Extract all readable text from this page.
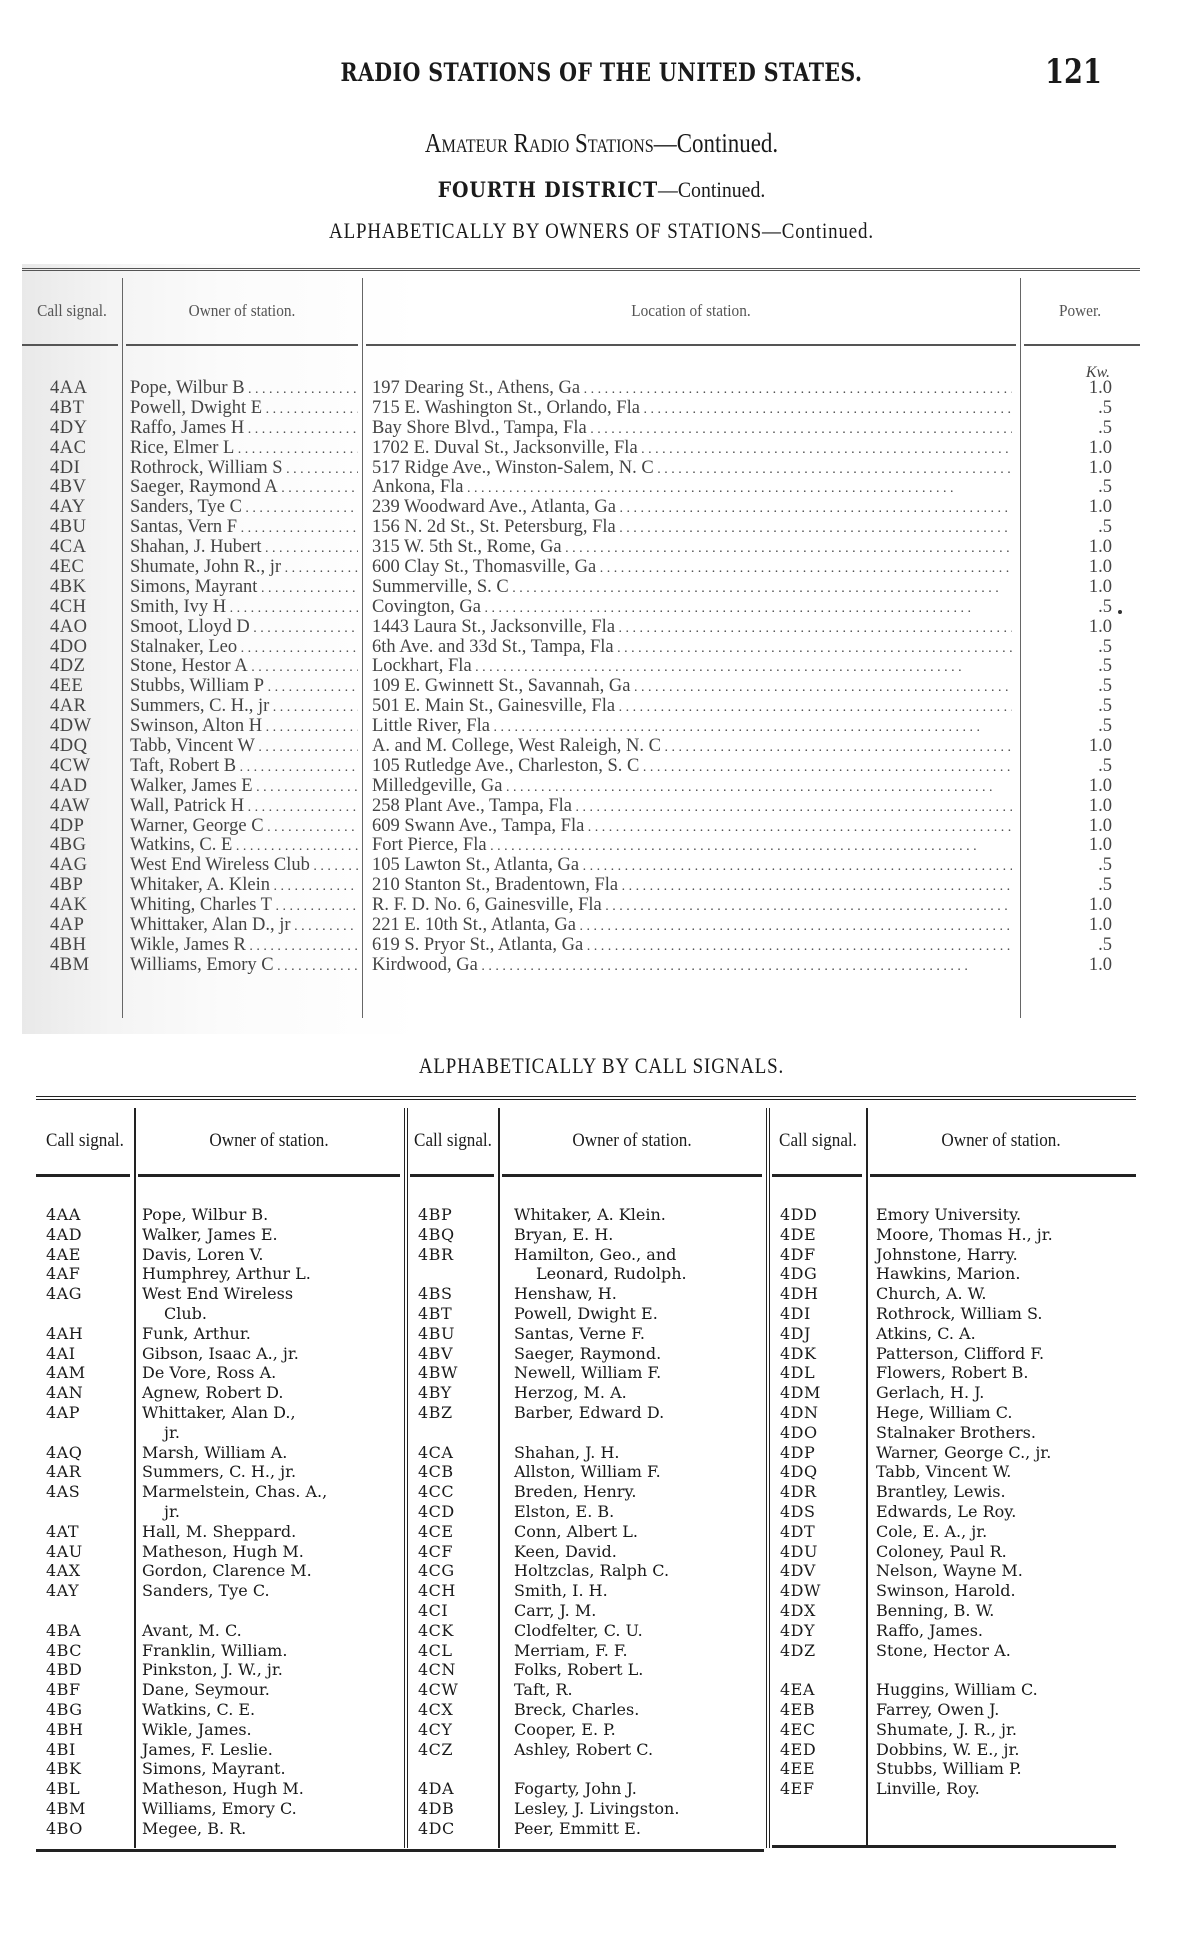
RADIO STATIONS OF THE UNITED STATES.	121
Amateur Radio Stations—Continued.
FOURTH DISTRICT—Continued.
ALPHABETICALLY BY OWNERS OF STATIONS—Continued.
Call signal.	Owner of station.	Location of station.	Power.
Kw.
4AA	Pope, Wilbur B . . .	197 Dearing St., Athens, Ga . . .	1.0
4BT	Powell, Dwight E . . .	715 E. Washington St., Orlando, Fla . . .	.5
4DY	Raffo, James H . . .	Bay Shore Blvd., Tampa, Fla . . .	.5
4AC	Rice, Elmer L . . .	1702 E. Duval St., Jacksonville, Fla . . .	1.0
4DI	Rothrock, William S . . .	517 Ridge Ave., Winston-Salem, N. C . . .	1.0
4BV	Saeger, Raymond A . . .	Ankona, Fla . . .	.5
4AY	Sanders, Tye C . . .	239 Woodward Ave., Atlanta, Ga . . .	1.0
4BU	Santas, Vern F . . .	156 N. 2d St., St. Petersburg, Fla . . .	.5
4CA	Shahan, J. Hubert . . .	315 W. 5th St., Rome, Ga . . .	1.0
4EC	Shumate, John R., jr . . .	600 Clay St., Thomasville, Ga . . .	1.0
4BK	Simons, Mayrant . . .	Summerville, S. C . . .	1.0
4CH	Smith, Ivy H . . .	Covington, Ga . . .	.5
4AO	Smoot, Lloyd D . . .	1443 Laura St., Jacksonville, Fla . . .	1.0
4DO	Stalnaker, Leo . . .	6th Ave. and 33d St., Tampa, Fla . . .	.5
4DZ	Stone, Hestor A . . .	Lockhart, Fla . . .	.5
4EE	Stubbs, William P . . .	109 E. Gwinnett St., Savannah, Ga . . .	.5
4AR	Summers, C. H., jr . . .	501 E. Main St., Gainesville, Fla . . .	.5
4DW	Swinson, Alton H . . .	Little River, Fla . . .	.5
4DQ	Tabb, Vincent W . . .	A. and M. College, West Raleigh, N. C . . .	1.0
4CW	Taft, Robert B . . .	105 Rutledge Ave., Charleston, S. C . . .	.5
4AD	Walker, James E . . .	Milledgeville, Ga . . .	1.0
4AW	Wall, Patrick H . . .	258 Plant Ave., Tampa, Fla . . .	1.0
4DP	Warner, George C . . .	609 Swann Ave., Tampa, Fla . . .	1.0
4BG	Watkins, C. E . . .	Fort Pierce, Fla . . .	1.0
4AG	West End Wireless Club . . .	105 Lawton St., Atlanta, Ga . . .	.5
4BP	Whitaker, A. Klein . . .	210 Stanton St., Bradentown, Fla . . .	.5
4AK	Whiting, Charles T . . .	R. F. D. No. 6, Gainesville, Fla . . .	1.0
4AP	Whittaker, Alan D., jr . . .	221 E. 10th St., Atlanta, Ga . . .	1.0
4BH	Wikle, James R . . .	619 S. Pryor St., Atlanta, Ga . . .	.5
4BM	Williams, Emory C . . .	Kirdwood, Ga . . .	1.0
ALPHABETICALLY BY CALL SIGNALS.
Call signal.	Owner of station.	Call signal.	Owner of station.	Call signal.	Owner of station.
4AA	Pope, Wilbur B.
4AD	Walker, James E.
4AE	Davis, Loren V.
4AF	Humphrey, Arthur L.
4AG	West End Wireless
Club.
4AH	Funk, Arthur.
4AI	Gibson, Isaac A., jr.
4AM	De Vore, Ross A.
4AN	Agnew, Robert D.
4AP	Whittaker, Alan D.,
jr.
4AQ	Marsh, William A.
4AR	Summers, C. H., jr.
4AS	Marmelstein, Chas. A.,
jr.
4AT	Hall, M. Sheppard.
4AU	Matheson, Hugh M.
4AX	Gordon, Clarence M.
4AY	Sanders, Tye C.
4BA	Avant, M. C.
4BC	Franklin, William.
4BD	Pinkston, J. W., jr.
4BF	Dane, Seymour.
4BG	Watkins, C. E.
4BH	Wikle, James.
4BI	James, F. Leslie.
4BK	Simons, Mayrant.
4BL	Matheson, Hugh M.
4BM	Williams, Emory C.
4BO	Megee, B. R.
4BP	Whitaker, A. Klein.
4BQ	Bryan, E. H.
4BR	Hamilton, Geo., and
Leonard, Rudolph.
4BS	Henshaw, H.
4BT	Powell, Dwight E.
4BU	Santas, Verne F.
4BV	Saeger, Raymond.
4BW	Newell, William F.
4BY	Herzog, M. A.
4BZ	Barber, Edward D.
4CA	Shahan, J. H.
4CB	Allston, William F.
4CC	Breden, Henry.
4CD	Elston, E. B.
4CE	Conn, Albert L.
4CF	Keen, David.
4CG	Holtzclas, Ralph C.
4CH	Smith, I. H.
4CI	Carr, J. M.
4CK	Clodfelter, C. U.
4CL	Merriam, F. F.
4CN	Folks, Robert L.
4CW	Taft, R.
4CX	Breck, Charles.
4CY	Cooper, E. P.
4CZ	Ashley, Robert C.
4DA	Fogarty, John J.
4DB	Lesley, J. Livingston.
4DC	Peer, Emmitt E.
4DD	Emory University.
4DE	Moore, Thomas H., jr.
4DF	Johnstone, Harry.
4DG	Hawkins, Marion.
4DH	Church, A. W.
4DI	Rothrock, William S.
4DJ	Atkins, C. A.
4DK	Patterson, Clifford F.
4DL	Flowers, Robert B.
4DM	Gerlach, H. J.
4DN	Hege, William C.
4DO	Stalnaker Brothers.
4DP	Warner, George C., jr.
4DQ	Tabb, Vincent W.
4DR	Brantley, Lewis.
4DS	Edwards, Le Roy.
4DT	Cole, E. A., jr.
4DU	Coloney, Paul R.
4DV	Nelson, Wayne M.
4DW	Swinson, Harold.
4DX	Benning, B. W.
4DY	Raffo, James.
4DZ	Stone, Hector A.
4EA	Huggins, William C.
4EB	Farrey, Owen J.
4EC	Shumate, J. R., jr.
4ED	Dobbins, W. E., jr.
4EE	Stubbs, William P.
4EF	Linville, Roy.
